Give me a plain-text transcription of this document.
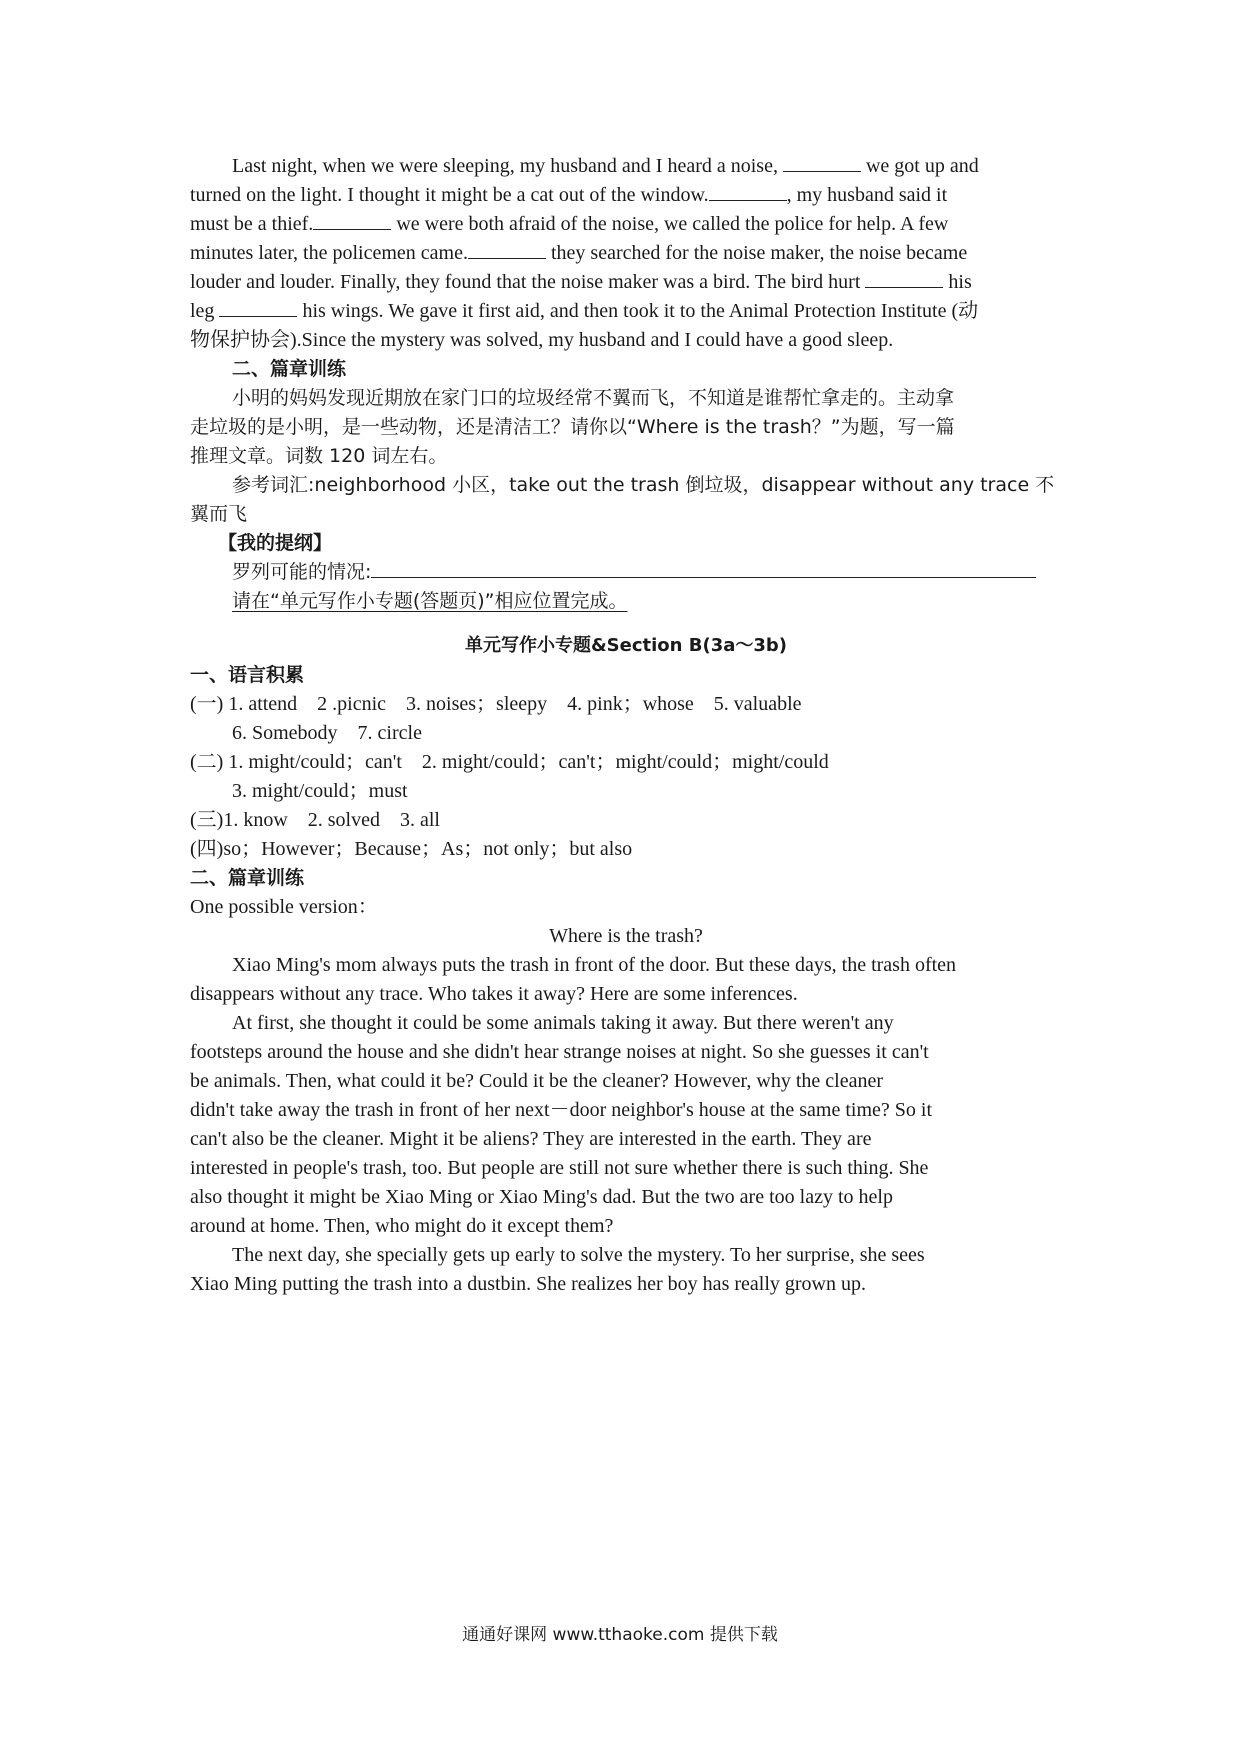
Last night, when we were sleeping, my husband and I heard a noise,	we got up and
turned on the light. I thought it might be a cat out of the window.	, my husband said it
must be a thief.	we were both afraid of the noise, we called the police for help. A few
minutes later, the policemen came.	they searched for the noise maker, the noise became
louder and louder. Finally, they found that the noise maker was a bird. The bird hurt	his
leg	his wings. We gave it first aid, and then took it to the Animal Protection Institute (动
物保护协会).Since the mystery was solved, my husband and I could have a good sleep.
二、篇章训练
小明的妈妈发现近期放在家门口的垃圾经常不翼而飞，不知道是谁帮忙拿走的。主动拿
走垃圾的是小明，是一些动物，还是清洁工？请你以“Where is the trash？”为题，写一篇
推理文章。词数 120 词左右。
参考词汇:neighborhood 小区，take out the trash 倒垃圾，disappear without any trace 不
翼而飞
【我的提纲】
罗列可能的情况:
请在“单元写作小专题(答题页)”相应位置完成。
单元写作小专题&Section B(3a～3b)
一、语言积累
(一) 1. attend    2 .picnic    3. noises；sleepy    4. pink；whose    5. valuable
6. Somebody    7. circle
(二) 1. might/could；can't    2. might/could；can't；might/could；might/could
3. might/could；must
(三)1. know    2. solved    3. all
(四)so；However；Because；As；not only；but also
二、篇章训练
One possible version：
Where is the trash?
Xiao Ming's mom always puts the trash in front of the door. But these days, the trash often
disappears without any trace. Who takes it away? Here are some inferences.
At first, she thought it could be some animals taking it away. But there weren't any
footsteps around the house and she didn't hear strange noises at night. So she guesses it can't
be animals. Then, what could it be? Could it be the cleaner? However, why the cleaner
didn't take away the trash in front of her next－door neighbor's house at the same time? So it
can't also be the cleaner. Might it be aliens? They are interested in the earth. They are
interested in people's trash, too. But people are still not sure whether there is such thing. She
also thought it might be Xiao Ming or Xiao Ming's dad. But the two are too lazy to help
around at home. Then, who might do it except them?
The next day, she specially gets up early to solve the mystery. To her surprise, she sees
Xiao Ming putting the trash into a dustbin. She realizes her boy has really grown up.
通通好课网 www.tthaoke.com 提供下载
